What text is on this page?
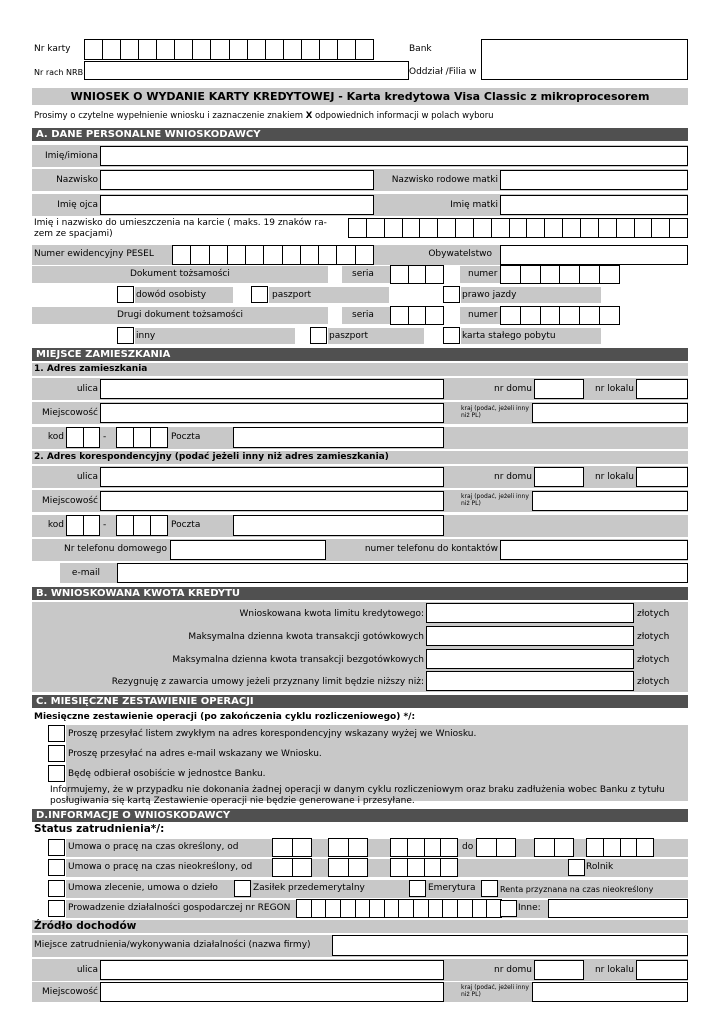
Nr karty	Bank
Nr rach NRB	Oddział /Filia w
WNIOSEK O WYDANIE KARTY KREDYTOWEJ - Karta kredytowa Visa Classic z mikroprocesorem
Prosimy o czytelne wypełnienie wniosku i zaznaczenie znakiem X odpowiednich informacji w polach wyboru
A. DANE PERSONALNE WNIOSKODAWCY
Imię/imiona
Nazwisko	Nazwisko rodowe matki
Imię ojca	Imię matki
Imię i nazwisko do umieszczenia na karcie ( maks. 19 znaków ra-zem ze spacjami)
Numer ewidencyjny PESEL	Obywatelstwo
Dokument tożsamości	seria	numer
dowód osobisty	paszport	prawo jazdy
Drugi dokument tożsamości	seria	numer
inny	paszport	karta stałego pobytu
MIEJSCE ZAMIESZKANIA
1. Adres zamieszkania
ulica	nr domu	nr lokalu
Miejscowość	kraj (podać, jeżeli inny niż PL)
kod	-	Poczta
2. Adres korespondencyjny (podać jeżeli inny niż adres zamieszkania)
ulica	nr domu	nr lokalu
Miejscowość	kraj (podać, jeżeli inny niż PL)
kod	-	Poczta
Nr telefonu domowego	numer telefonu do kontaktów
e-mail
B. WNIOSKOWANA KWOTA KREDYTU
Wnioskowana kwota limitu kredytowego:	złotych
Maksymalna dzienna kwota transakcji gotówkowych	złotych
Maksymalna dzienna kwota transakcji bezgotówkowych	złotych
Rezygnuję z zawarcia umowy jeżeli przyznany limit będzie niższy niż:	złotych
C. MIESIĘCZNE ZESTAWIENIE OPERACJI
Miesięczne zestawienie operacji (po zakończenia cyklu rozliczeniowego) */:
Proszę przesyłać listem zwykłym na adres korespondencyjny wskazany wyżej we Wniosku.
Proszę przesyłać na adres e-mail wskazany we Wniosku.
Będę odbierał osobiście w jednostce Banku.
Informujemy, że w przypadku nie dokonania żadnej operacji w danym cyklu rozliczeniowym oraz braku zadłużenia wobec Banku z tytułu
posługiwania się kartą Zestawienie operacji nie będzie generowane i przesyłane.
D.INFORMACJE O WNIOSKODAWCY
Status zatrudnienia*/:
Umowa o pracę na czas określony, od	do
Umowa o pracę na czas nieokreślony, od	Rolnik
Umowa zlecenie, umowa o dzieło	Zasiłek przedemerytalny	Emerytura	Renta przyznana na czas nieokreślony
Prowadzenie działalności gospodarczej nr REGON	Inne:
Źródło dochodów
Miejsce zatrudnienia/wykonywania działalności (nazwa firmy)
ulica	nr domu	nr lokalu
Miejscowość	kraj (podać, jeżeli inny niż PL)
